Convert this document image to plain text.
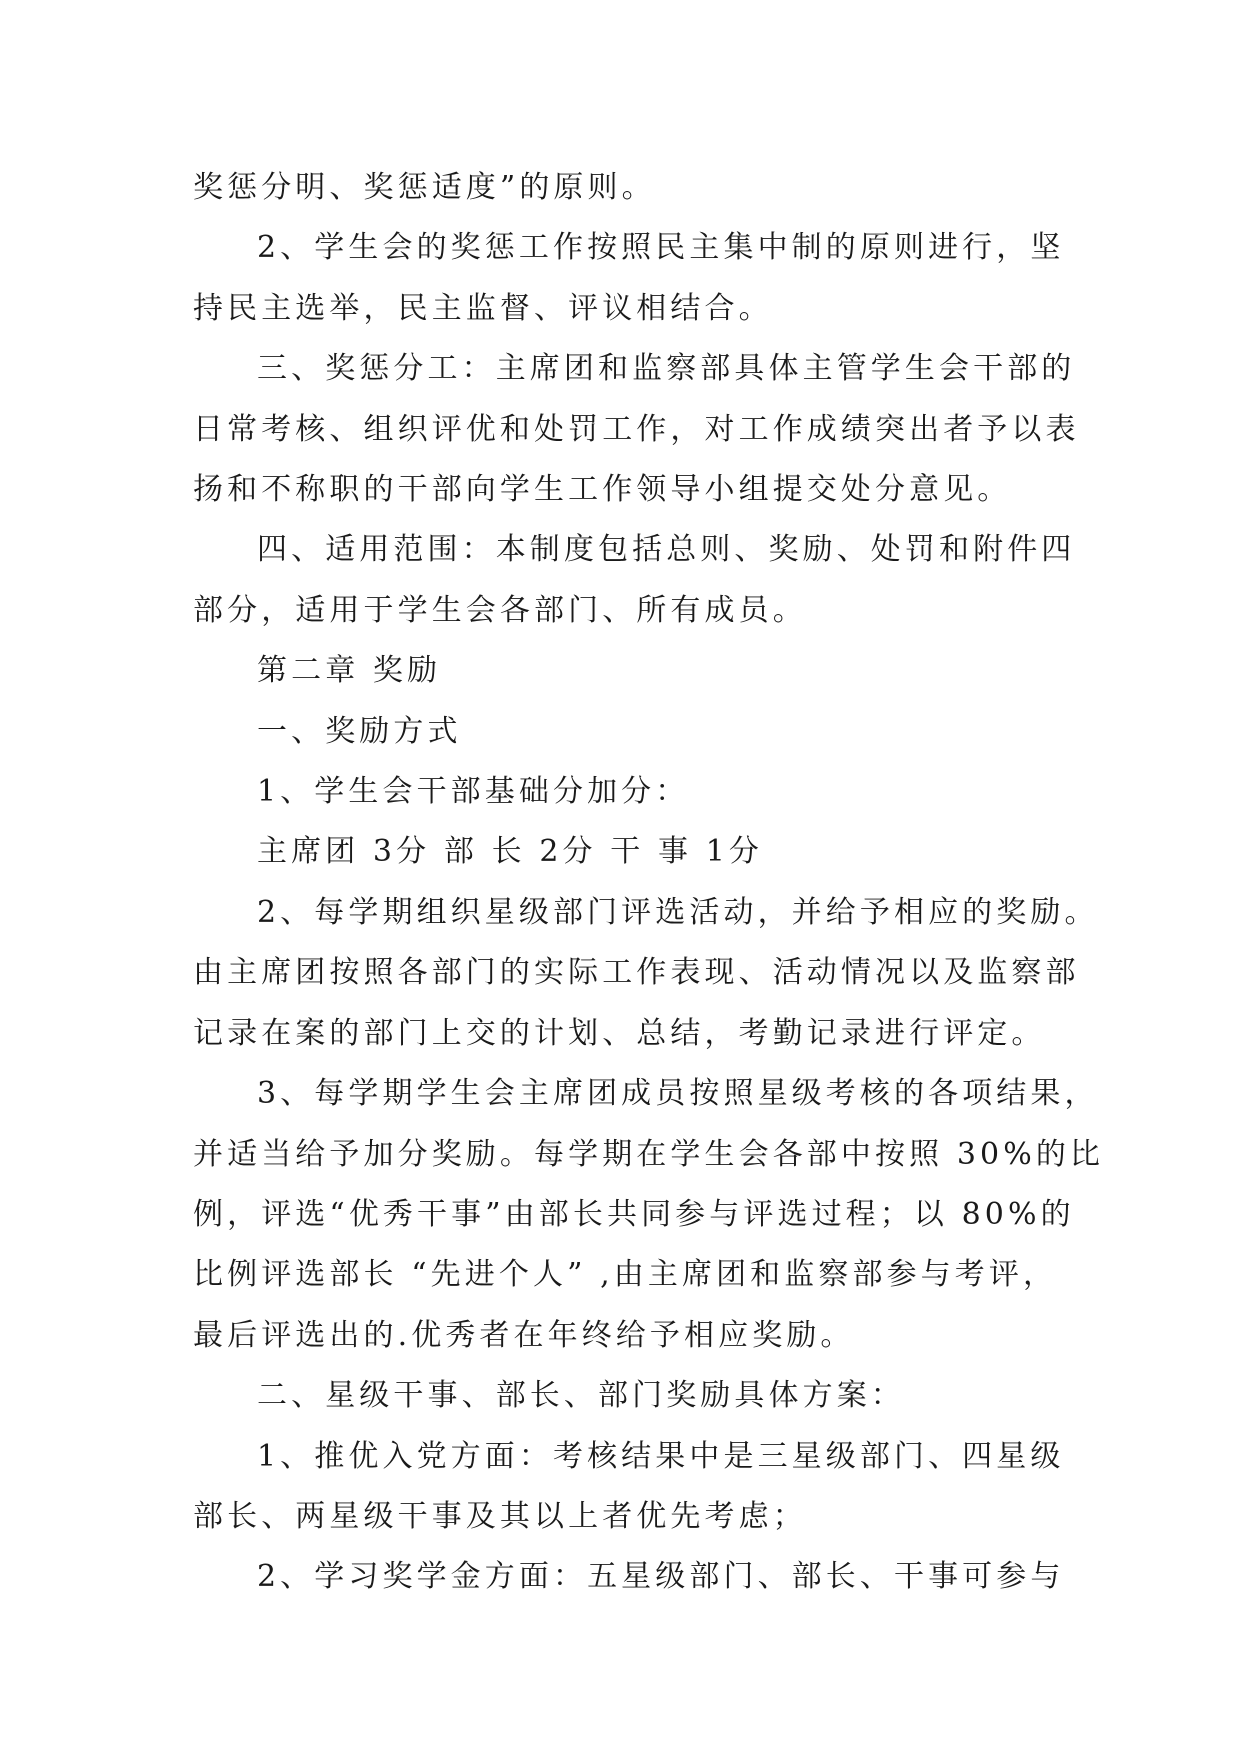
奖惩分明、奖惩适度”的原则。
2、学生会的奖惩工作按照民主集中制的原则进行，坚
持民主选举，民主监督、评议相结合。
三、奖惩分工：主席团和监察部具体主管学生会干部的
日常考核、组织评优和处罚工作，对工作成绩突出者予以表
扬和不称职的干部向学生工作领导小组提交处分意见。
四、适用范围：本制度包括总则、奖励、处罚和附件四
部分，适用于学生会各部门、所有成员。
第二章 奖励
一、奖励方式
1、学生会干部基础分加分：
主席团 3分 部 长 2分 干 事 1分
2、每学期组织星级部门评选活动，并给予相应的奖励。
由主席团按照各部门的实际工作表现、活动情况以及监察部
记录在案的部门上交的计划、总结，考勤记录进行评定。
3、每学期学生会主席团成员按照星级考核的各项结果，
并适当给予加分奖励。每学期在学生会各部中按照 30%的比
例，评选“优秀干事”由部长共同参与评选过程；以 80%的
比例评选部长 “先进个人” ,由主席团和监察部参与考评，
最后评选出的.优秀者在年终给予相应奖励。
二、星级干事、部长、部门奖励具体方案：
1、推优入党方面：考核结果中是三星级部门、四星级
部长、两星级干事及其以上者优先考虑；
2、学习奖学金方面：五星级部门、部长、干事可参与
